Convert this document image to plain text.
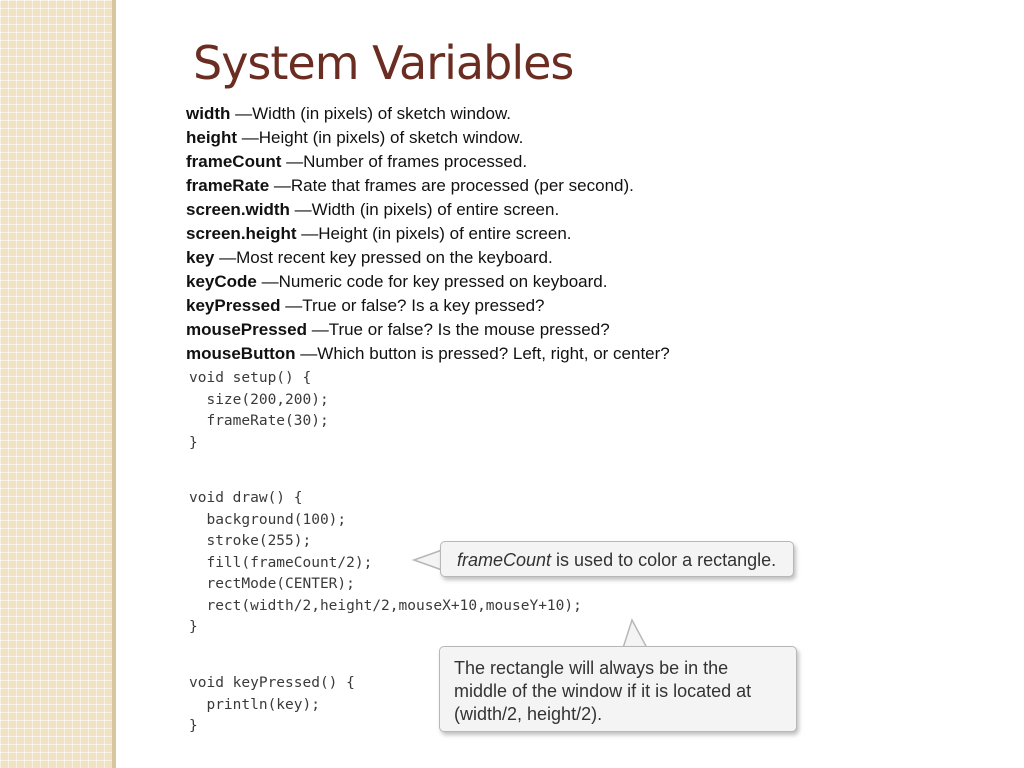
System Variables
width —Width (in pixels) of sketch window.
height —Height (in pixels) of sketch window.
frameCount —Number of frames processed.
frameRate —Rate that frames are processed (per second).
screen.width —Width (in pixels) of entire screen.
screen.height —Height (in pixels) of entire screen.
key —Most recent key pressed on the keyboard.
keyCode —Numeric code for key pressed on keyboard.
keyPressed —True or false? Is a key pressed?
mousePressed —True or false? Is the mouse pressed?
mouseButton —Which button is pressed? Left, right, or center?
void setup() {
size(200,200);
frameRate(30);
}
void draw() {
background(100);
stroke(255);
fill(frameCount/2);
rectMode(CENTER);
rect(width/2,height/2,mouseX+10,mouseY+10);
}
void keyPressed() {
println(key);
}
frameCount is used to color a rectangle.

The rectangle will always be in the middle of the window if it is located at (width/2, height/2).
